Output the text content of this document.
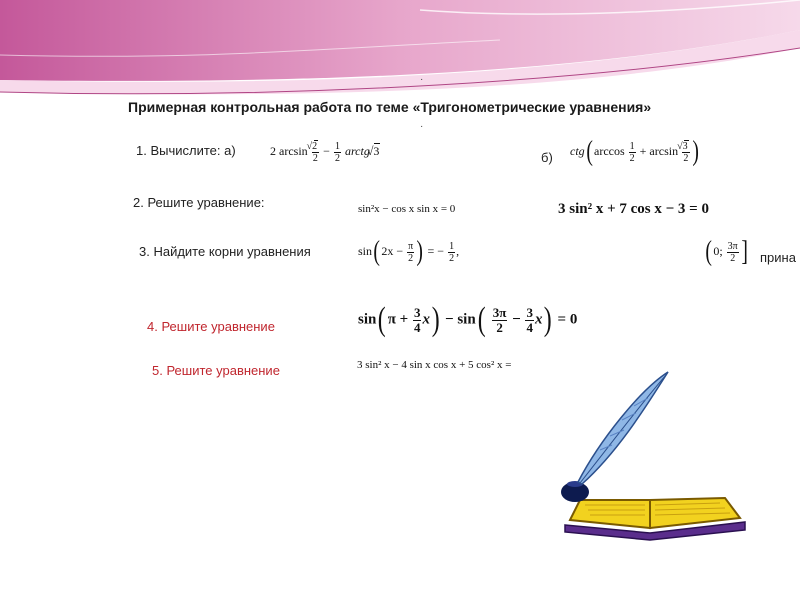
·
Примерная контрольная работа по теме «Тригонометрические уравнения»
·
1. Вычислите: а)	2 arcsin √ $\frac{2}{2} - \frac{1}{2}$ arctg √ 3	б) $ctg(\arccos \frac{1}{2} + \arcsin$ √ $\frac{3}{2}$ )
2. Решите уравнение:	sin²x − cos x sin x = 0	3 sin² x + 7 cos x − 3 = 0
3. Найдите корни уравнения	$\sin(2x - \frac{\pi}{2}$ ) = − $\frac{1}{2}$ ,	(0; $\frac{3\pi}{2}$ ] прина
4. Решите уравнение	sin( $\pi + \frac{3}{4} x) - \sin( \frac{3\pi}{2} - \frac{3}{4} x) = 0$
5. Решите уравнение	3 sin² x − 4 sin x cos x + 5 cos² x =
